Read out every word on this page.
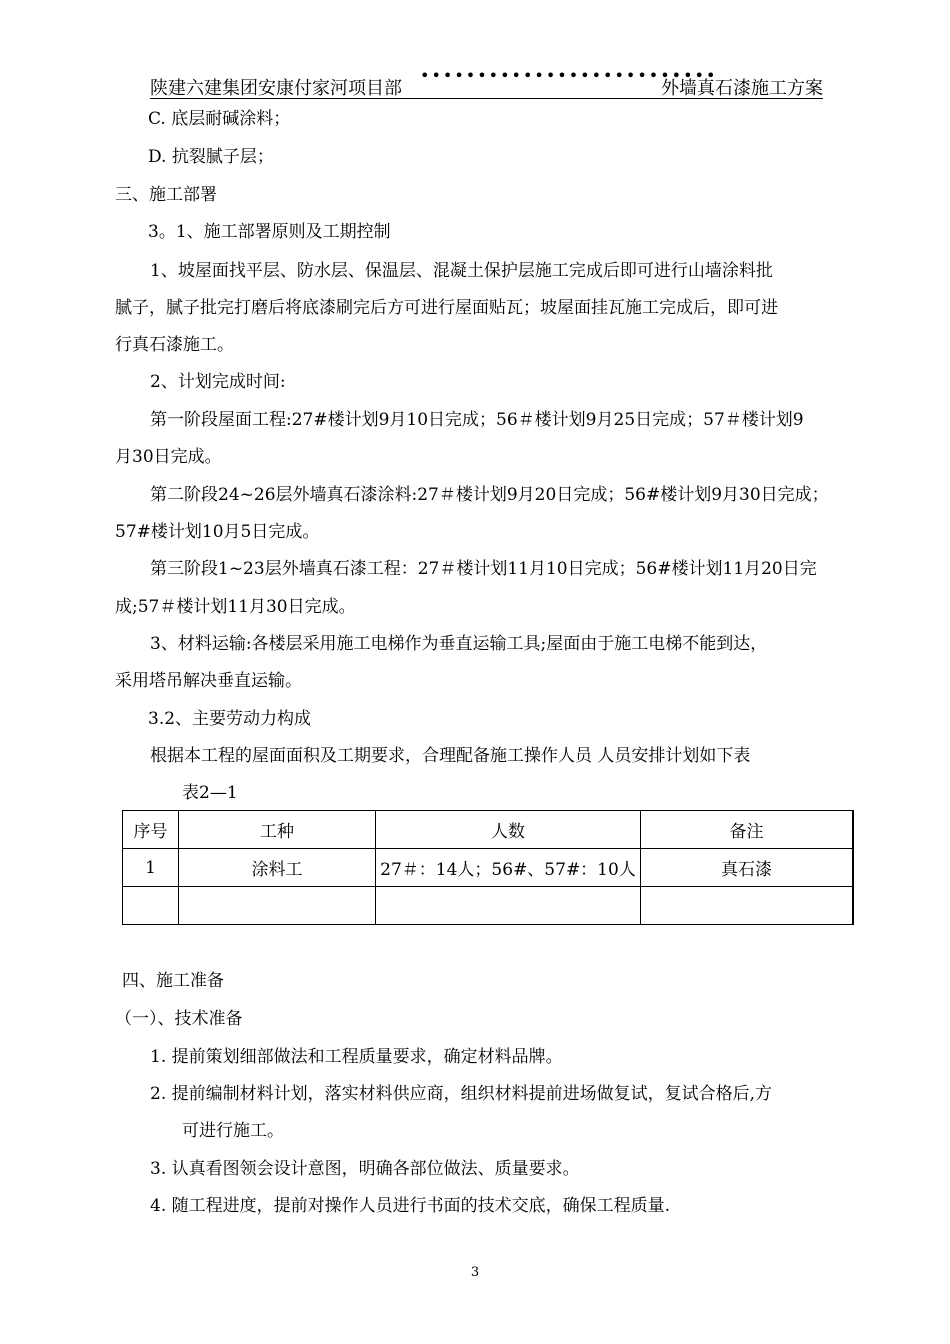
陕建六建集团安康付家河项目部
••••••••••••••••••••••••••
外墙真石漆施工方案
C. 底层耐碱涂料；
D. 抗裂腻子层；
三、施工部署
3。1、施工部署原则及工期控制
1、坡屋面找平层、防水层、保温层、混凝土保护层施工完成后即可进行山墙涂料批
腻子，腻子批完打磨后将底漆刷完后方可进行屋面贴瓦；坡屋面挂瓦施工完成后，即可进
行真石漆施工。
2、计划完成时间:
第一阶段屋面工程:27#楼计划9月10日完成；56＃楼计划9月25日完成；57＃楼计划9
月30日完成。
第二阶段24~26层外墙真石漆涂料:27＃楼计划9月20日完成；56#楼计划9月30日完成；
57#楼计划10月5日完成。
第三阶段1~23层外墙真石漆工程：27＃楼计划11月10日完成；56#楼计划11月20日完
成;57＃楼计划11月30日完成。
3、材料运输:各楼层采用施工电梯作为垂直运输工具;屋面由于施工电梯不能到达，
采用塔吊解决垂直运输。
3.2、主要劳动力构成
根据本工程的屋面面积及工期要求，合理配备施工操作人员 人员安排计划如下表
表2—1
序号	工种	人数	备注
1	涂料工	27＃：14人；56#、57#：10人	真石漆

四、施工准备
（一）、技术准备
1. 提前策划细部做法和工程质量要求，确定材料品牌。
2. 提前编制材料计划，落实材料供应商，组织材料提前进场做复试，复试合格后,方
可进行施工。
3. 认真看图领会设计意图，明确各部位做法、质量要求。
4. 随工程进度，提前对操作人员进行书面的技术交底，确保工程质量.
3
